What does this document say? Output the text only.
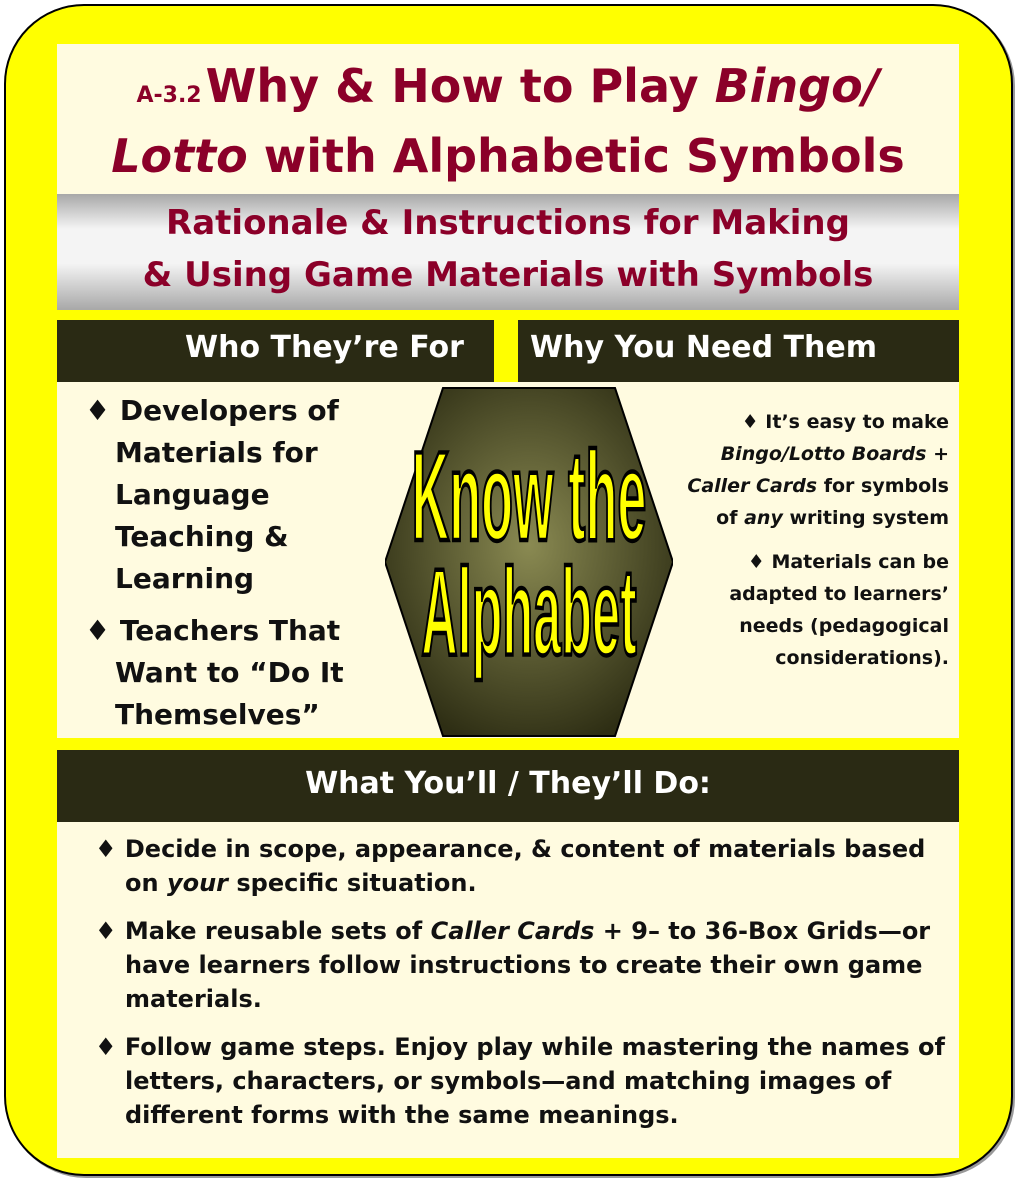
A-3.2Why & How to Play Bingo/
Lotto with Alphabetic Symbols

Rationale & Instructions for Making

& Using Game Materials with Symbols

Who They’re For Why You Need Them

♦ Developers of Materials for Language Teaching & Learning

♦ Teachers That Want to “Do It Themselves”

♦ It’s easy to make Bingo/Lotto Boards + Caller Cards for symbols of any writing system

♦ Materials can be adapted to learners’ needs (pedagogical considerations).

Know the
Alphabet
What You’ll / They’ll Do:

♦ Decide in scope, appearance, & content of materials based on your specific situation.

♦ Make reusable sets of Caller Cards + 9– to 36-Box Grids—or have learners follow instructions to create their own game materials.

♦ Follow game steps. Enjoy play while mastering the names of letters, characters, or symbols—and matching images of different forms with the same meanings.
